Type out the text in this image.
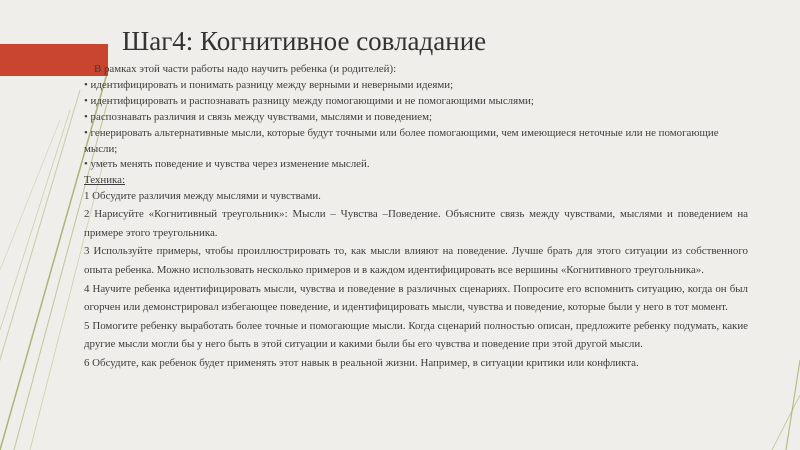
Шаг4: Когнитивное совладание

В рамках этой части работы надо научить ребенка (и родителей):

• идентифицировать и понимать разницу между верными и неверными идеями;

• идентифицировать и распознавать разницу между помогающими и не помогающими мыслями;

• распознавать различия и связь между чувствами, мыслями и поведением;

• генерировать альтернативные мысли, которые будут точными или более помогающими, чем имеющиеся неточные или не помогающие мысли;

• уметь менять поведение и чувства через изменение мыслей.

Техника:

1 Обсудите различия между мыслями и чувствами.

2 Нарисуйте «Когнитивный треугольник»: Мысли – Чувства –Поведение. Объясните связь между чувствами, мыслями и поведением на примере этого треугольника.

3 Используйте примеры, чтобы проиллюстрировать то, как мысли влияют на поведение. Лучше брать для этого ситуации из собственного опыта ребенка. Можно использовать несколько примеров и в каждом идентифицировать все вершины «Когнитивного треугольника».

4 Научите ребенка идентифицировать мысли, чувства и поведение в различных сценариях. Попросите его вспомнить ситуацию, когда он был огорчен или демонстрировал избегающее поведение, и идентифицировать мысли, чувства и поведение, которые были у него в тот момент.

5 Помогите ребенку выработать более точные и помогающие мысли. Когда сценарий полностью описан, предложите ребенку подумать, какие другие мысли могли бы у него быть в этой ситуации и какими были бы его чувства и поведение при этой другой мысли.

6 Обсудите, как ребенок будет применять этот навык в реальной жизни. Например, в ситуации критики или конфликта.
